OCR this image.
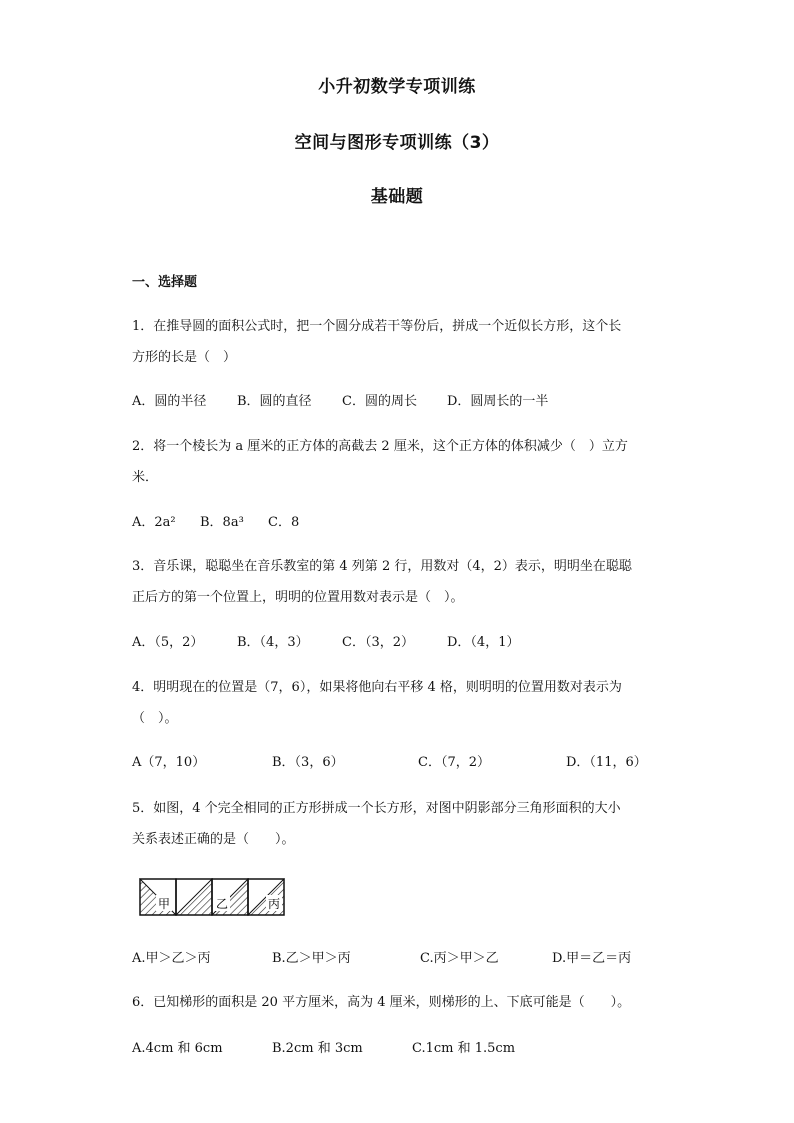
小升初数学专项训练
空间与图形专项训练（3）
基础题
一、选择题
1．在推导圆的面积公式时，把一个圆分成若干等份后，拼成一个近似长方形，这个长
方形的长是（　）
A．圆的半径 B．圆的直径 C．圆的周长 D．圆周长的一半
2．将一个棱长为 a 厘米的正方体的高截去 2 厘米，这个正方体的体积减少（　）立方
米．
A．2a² B．8a³ C．8
3．音乐课，聪聪坐在音乐教室的第 4 列第 2 行，用数对（4，2）表示，明明坐在聪聪
正后方的第一个位置上，明明的位置用数对表示是（　）。
A．（5，2）	B．（4，3）	C．（3，2）	D．（4，1）
4．明明现在的位置是（7，6），如果将他向右平移 4 格，则明明的位置用数对表示为
（　）。
A（7，10）	B．（3，6）	C．（7，2）	D．（11，6）
5．如图，4 个完全相同的正方形拼成一个长方形，对图中阴影部分三角形面积的大小
关系表述正确的是（　　）。
甲	乙	丙
A.甲＞乙＞丙	B.乙＞甲＞丙	C.丙＞甲＞乙	D.甲＝乙＝丙
6．已知梯形的面积是 20 平方厘米，高为 4 厘米，则梯形的上、下底可能是（　　）。
A.4cm 和 6cm	B.2cm 和 3cm	C.1cm 和 1.5cm
